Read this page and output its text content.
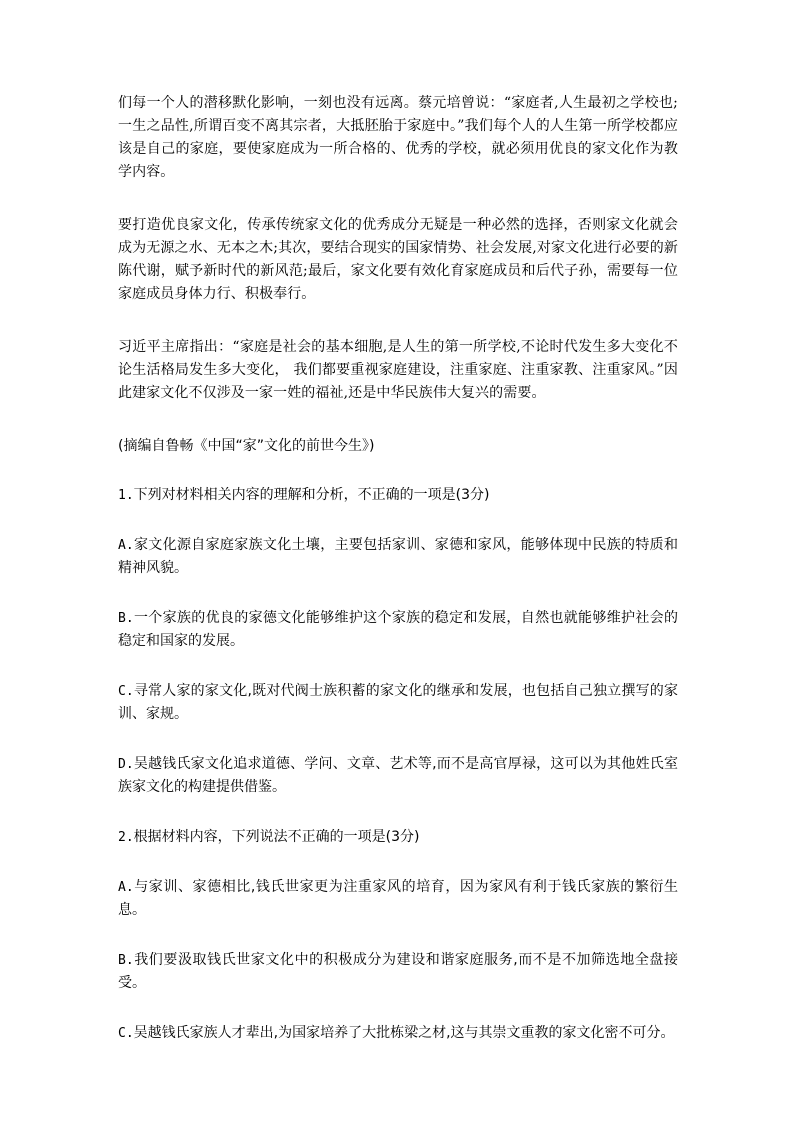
们每一个人的潜移默化影响，一刻也没有远离。蔡元培曾说：“家庭者,人生最初之学校也;一生之品性,所谓百变不离其宗者，大抵胚胎于家庭中。”我们每个人的人生第一所学校都应该是自己的家庭，要使家庭成为一所合格的、优秀的学校，就必须用优良的家文化作为教学内容。

要打造优良家文化，传承传统家文化的优秀成分无疑是一种必然的选择，否则家文化就会成为无源之水、无本之木;其次，要结合现实的国家情势、社会发展,对家文化进行必要的新陈代谢，赋予新时代的新风范;最后，家文化要有效化育家庭成员和后代子孙，需要每一位家庭成员身体力行、积极奉行。

习近平主席指出：“家庭是社会的基本细胞,是人生的第一所学校,不论时代发生多大变化不论生活格局发生多大变化， 我们都要重视家庭建设，注重家庭、注重家教、注重家风。”因此建家文化不仅涉及一家一姓的福祉,还是中华民族伟大复兴的需要。

(摘编自鲁畅《中国“家”文化的前世今生》)

1.下列对材料相关内容的理解和分析，不正确的一项是(3分)

A.家文化源自家庭家族文化土壤，主要包括家训、家德和家风，能够体现中民族的特质和精神风貌。

B.一个家族的优良的家德文化能够维护这个家族的稳定和发展，自然也就能够维护社会的稳定和国家的发展。

C.寻常人家的家文化,既对代阀士族积蓄的家文化的继承和发展，也包括自己独立撰写的家训、家规。

D.吴越钱氏家文化追求道德、学问、文章、艺术等,而不是高官厚禄，这可以为其他姓氏室族家文化的构建提供借鉴。

2.根据材料内容，下列说法不正确的一项是(3分)

A.与家训、家德相比,钱氏世家更为注重家风的培育，因为家风有利于钱氏家族的繁衍生息。

B.我们要汲取钱氏世家文化中的积极成分为建设和谐家庭服务,而不是不加筛选地全盘接受。

C.吴越钱氏家族人才辈出,为国家培养了大批栋梁之材,这与其崇文重教的家文化密不可分。
